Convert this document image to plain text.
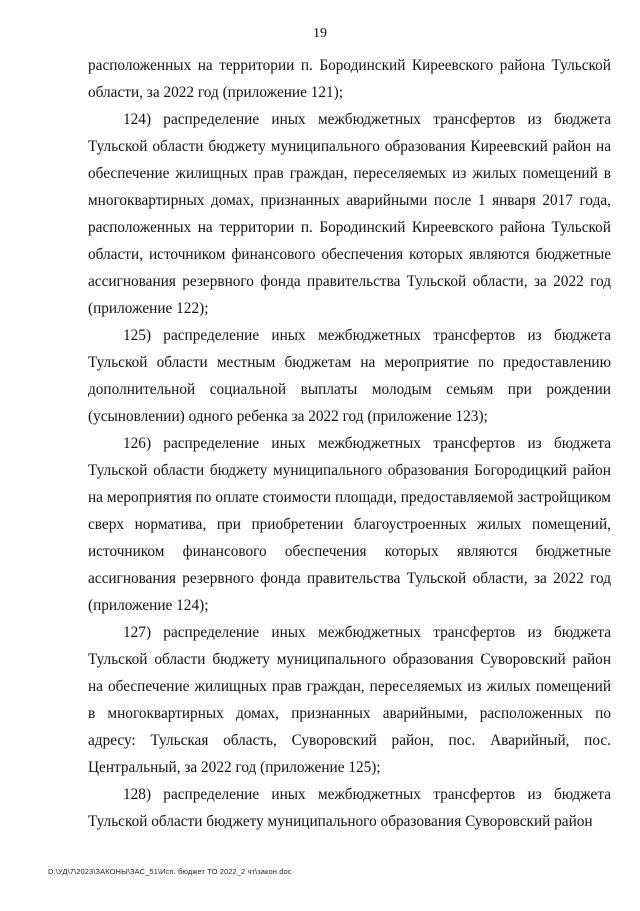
19

расположенных на территории п. Бородинский Киреевского района Тульской области, за 2022 год (приложение 121);

124) распределение иных межбюджетных трансфертов из бюджета Тульской области бюджету муниципального образования Киреевский район на обеспечение жилищных прав граждан, переселяемых из жилых помещений в многоквартирных домах, признанных аварийными после 1 января 2017 года, расположенных на территории п. Бородинский Киреевского района Тульской области, источником финансового обеспечения которых являются бюджетные ассигнования резервного фонда правительства Тульской области, за 2022 год (приложение 122);

125) распределение иных межбюджетных трансфертов из бюджета Тульской области местным бюджетам на мероприятие по предоставлению дополнительной социальной выплаты молодым семьям при рождении (усыновлении) одного ребенка за 2022 год (приложение 123);

126) распределение иных межбюджетных трансфертов из бюджета Тульской области бюджету муниципального образования Богородицкий район на мероприятия по оплате стоимости площади, предоставляемой застройщиком сверх норматива, при приобретении благоустроенных жилых помещений, источником финансового обеспечения которых являются бюджетные ассигнования резервного фонда правительства Тульской области, за 2022 год (приложение 124);

127) распределение иных межбюджетных трансфертов из бюджета Тульской области бюджету муниципального образования Суворовский район на обеспечение жилищных прав граждан, переселяемых из жилых помещений в многоквартирных домах, признанных аварийными, расположенных по адресу: Тульская область, Суворовский район, пос. Аварийный, пос. Центральный, за 2022 год (приложение 125);

128) распределение иных межбюджетных трансфертов из бюджета Тульской области бюджету муниципального образования Суворовский район

D:\УД\7\2023\ЗАКОНЫ\ЗАС_51\Исп. бюджет ТО 2022_2 чт\закон.doc
